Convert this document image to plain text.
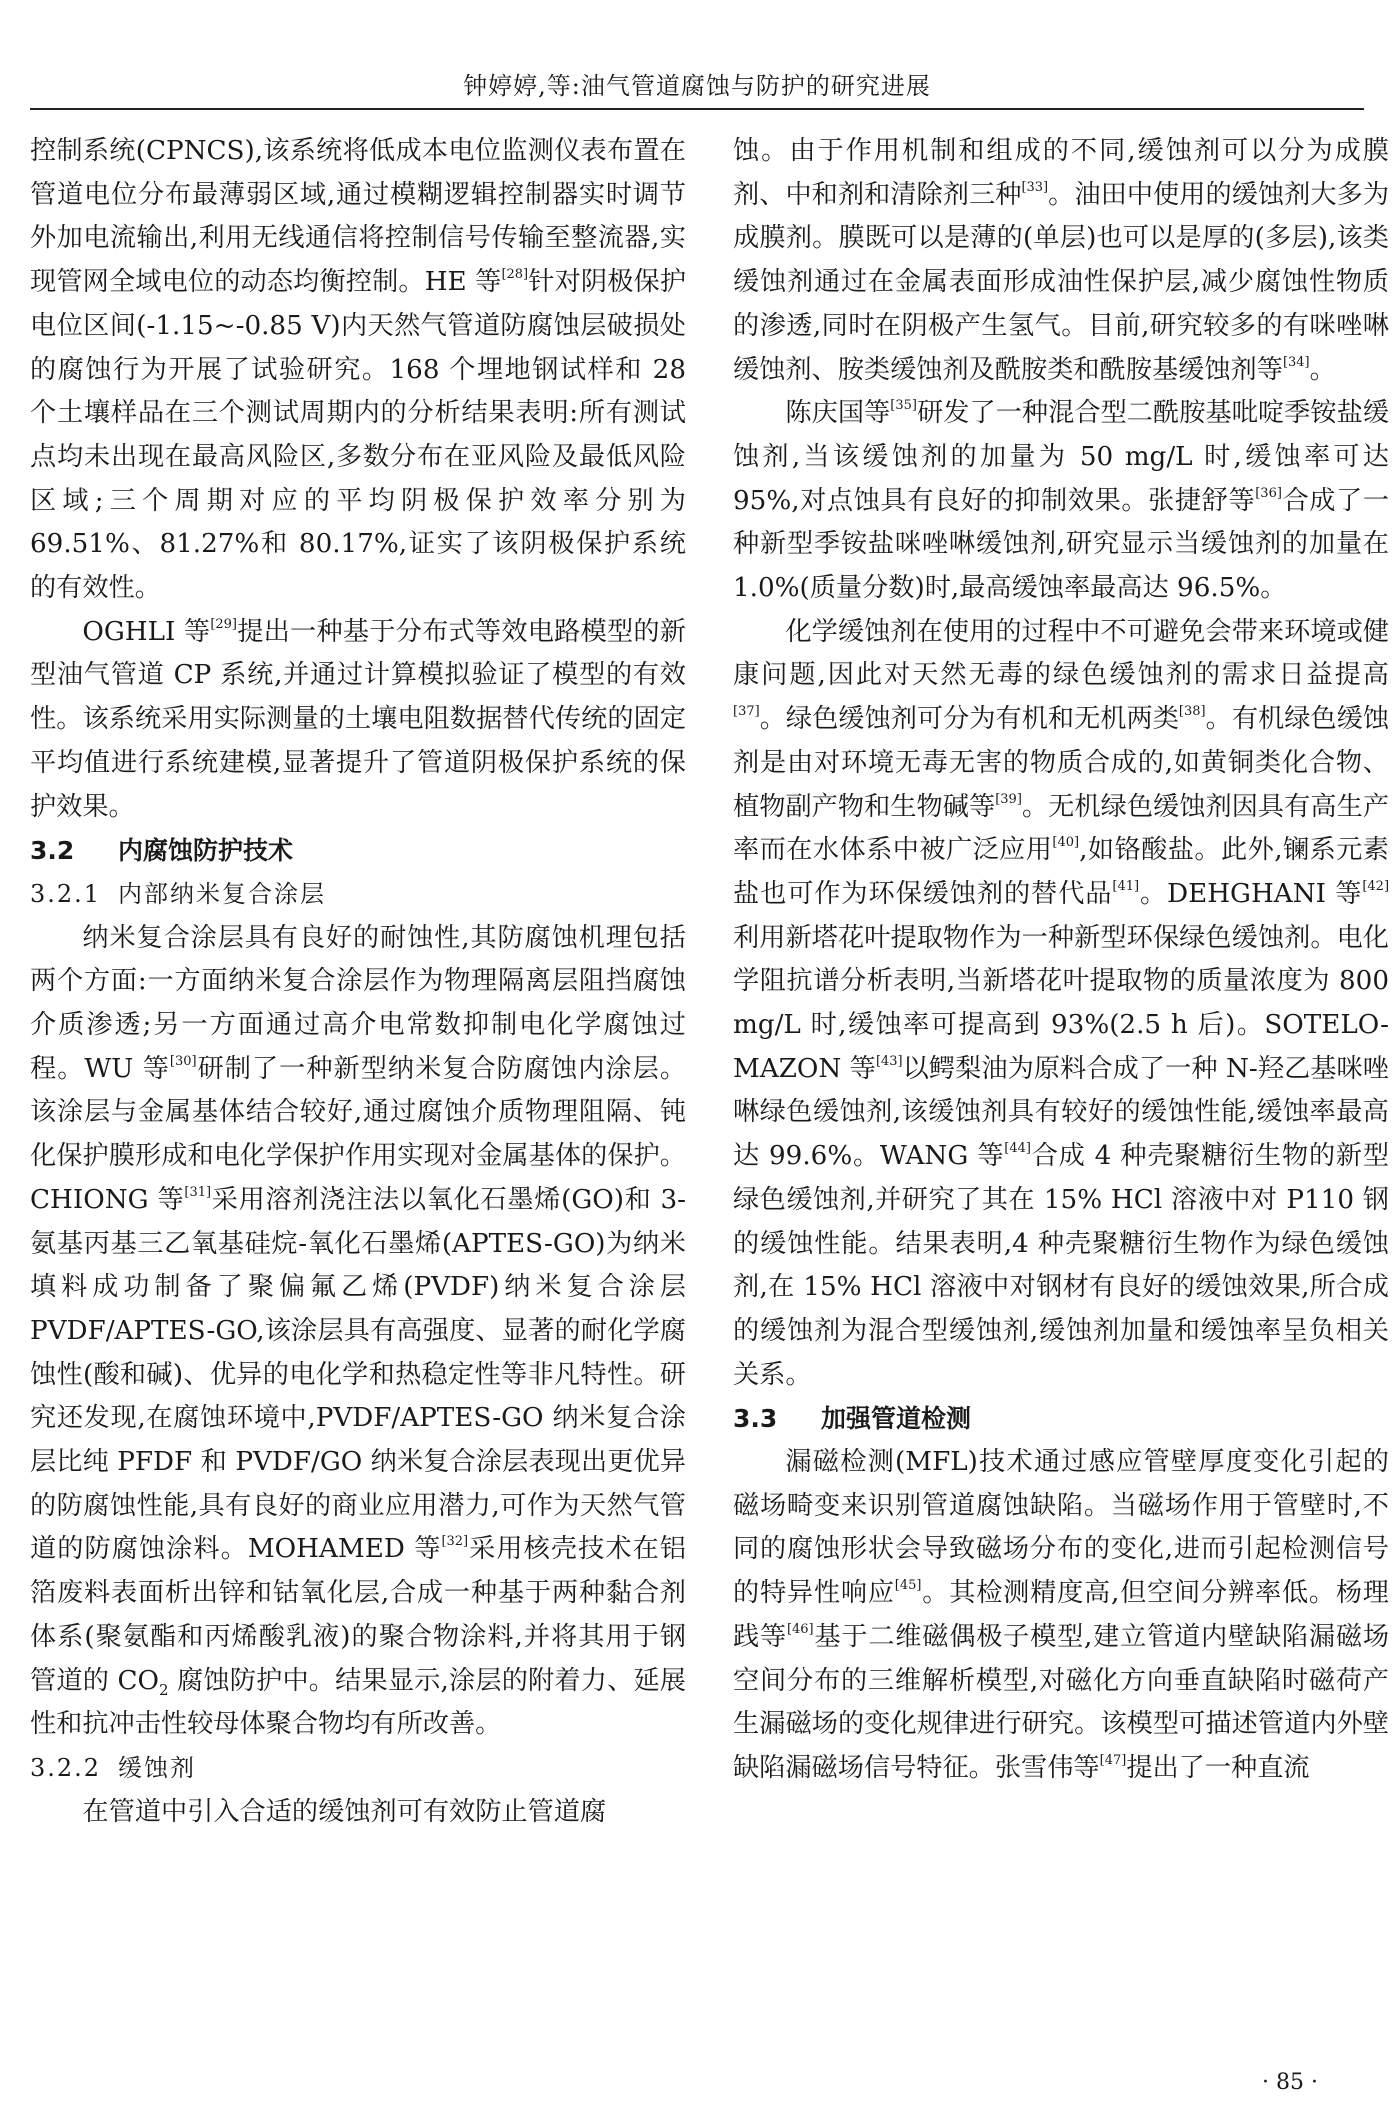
钟婷婷,等:油气管道腐蚀与防护的研究进展

控制系统(CPNCS),该系统将低成本电位监测仪表布置在管道电位分布最薄弱区域,通过模糊逻辑控制器实时调节外加电流输出,利用无线通信将控制信号传输至整流器,实现管网全域电位的动态均衡控制。HE 等[28]针对阴极保护电位区间(-1.15~-0.85 V)内天然气管道防腐蚀层破损处的腐蚀行为开展了试验研究。168 个埋地钢试样和 28 个土壤样品在三个测试周期内的分析结果表明:所有测试点均未出现在最高风险区,多数分布在亚风险及最低风险区域;三个周期对应的平均阴极保护效率分别为 69.51%、81.27%和 80.17%,证实了该阴极保护系统的有效性。

OGHLI 等[29]提出一种基于分布式等效电路模型的新型油气管道 CP 系统,并通过计算模拟验证了模型的有效性。该系统采用实际测量的土壤电阻数据替代传统的固定平均值进行系统建模,显著提升了管道阴极保护系统的保护效果。

3.2 内腐蚀防护技术
3.2.1 内部纳米复合涂层

纳米复合涂层具有良好的耐蚀性,其防腐蚀机理包括两个方面:一方面纳米复合涂层作为物理隔离层阻挡腐蚀介质渗透;另一方面通过高介电常数抑制电化学腐蚀过程。WU 等[30]研制了一种新型纳米复合防腐蚀内涂层。该涂层与金属基体结合较好,通过腐蚀介质物理阻隔、钝化保护膜形成和电化学保护作用实现对金属基体的保护。CHIONG 等[31]采用溶剂浇注法以氧化石墨烯(GO)和 3-氨基丙基三乙氧基硅烷-氧化石墨烯(APTES-GO)为纳米填料成功制备了聚偏氟乙烯(PVDF)纳米复合涂层 PVDF/APTES-GO,该涂层具有高强度、显著的耐化学腐蚀性(酸和碱)、优异的电化学和热稳定性等非凡特性。研究还发现,在腐蚀环境中,PVDF/APTES-GO 纳米复合涂层比纯 PFDF 和 PVDF/GO 纳米复合涂层表现出更优异的防腐蚀性能,具有良好的商业应用潜力,可作为天然气管道的防腐蚀涂料。MOHAMED 等[32]采用核壳技术在铝箔废料表面析出锌和钴氧化层,合成一种基于两种黏合剂体系(聚氨酯和丙烯酸乳液)的聚合物涂料,并将其用于钢管道的 $CO_2$ 腐蚀防护中。结果显示,涂层的附着力、延展性和抗冲击性较母体聚合物均有所改善。

3.2.2 缓蚀剂

在管道中引入合适的缓蚀剂可有效防止管道腐

蚀。由于作用机制和组成的不同,缓蚀剂可以分为成膜剂、中和剂和清除剂三种[33]。油田中使用的缓蚀剂大多为成膜剂。膜既可以是薄的(单层)也可以是厚的(多层),该类缓蚀剂通过在金属表面形成油性保护层,减少腐蚀性物质的渗透,同时在阴极产生氢气。目前,研究较多的有咪唑啉缓蚀剂、胺类缓蚀剂及酰胺类和酰胺基缓蚀剂等[34]。

陈庆国等[35]研发了一种混合型二酰胺基吡啶季铵盐缓蚀剂,当该缓蚀剂的加量为 50 mg/L 时,缓蚀率可达 95%,对点蚀具有良好的抑制效果。张捷舒等[36]合成了一种新型季铵盐咪唑啉缓蚀剂,研究显示当缓蚀剂的加量在 1.0%(质量分数)时,最高缓蚀率最高达 96.5%。

化学缓蚀剂在使用的过程中不可避免会带来环境或健康问题,因此对天然无毒的绿色缓蚀剂的需求日益提高[37]。绿色缓蚀剂可分为有机和无机两类[38]。有机绿色缓蚀剂是由对环境无毒无害的物质合成的,如黄铜类化合物、植物副产物和生物碱等[39]。无机绿色缓蚀剂因具有高生产率而在水体系中被广泛应用[40],如铬酸盐。此外,镧系元素盐也可作为环保缓蚀剂的替代品[41]。DEHGHANI 等[42]利用新塔花叶提取物作为一种新型环保绿色缓蚀剂。电化学阻抗谱分析表明,当新塔花叶提取物的质量浓度为 800 mg/L 时,缓蚀率可提高到 93%(2.5 h 后)。SOTELO-MAZON 等[43]以鳄梨油为原料合成了一种 N-羟乙基咪唑啉绿色缓蚀剂,该缓蚀剂具有较好的缓蚀性能,缓蚀率最高达 99.6%。WANG 等[44]合成 4 种壳聚糖衍生物的新型绿色缓蚀剂,并研究了其在 15% HCl 溶液中对 P110 钢的缓蚀性能。结果表明,4 种壳聚糖衍生物作为绿色缓蚀剂,在 15% HCl 溶液中对钢材有良好的缓蚀效果,所合成的缓蚀剂为混合型缓蚀剂,缓蚀剂加量和缓蚀率呈负相关关系。

3.3 加强管道检测

漏磁检测(MFL)技术通过感应管壁厚度变化引起的磁场畸变来识别管道腐蚀缺陷。当磁场作用于管壁时,不同的腐蚀形状会导致磁场分布的变化,进而引起检测信号的特异性响应[45]。其检测精度高,但空间分辨率低。杨理践等[46]基于二维磁偶极子模型,建立管道内壁缺陷漏磁场空间分布的三维解析模型,对磁化方向垂直缺陷时磁荷产生漏磁场的变化规律进行研究。该模型可描述管道内外壁缺陷漏磁场信号特征。张雪伟等[47]提出了一种直流

· 85 ·
